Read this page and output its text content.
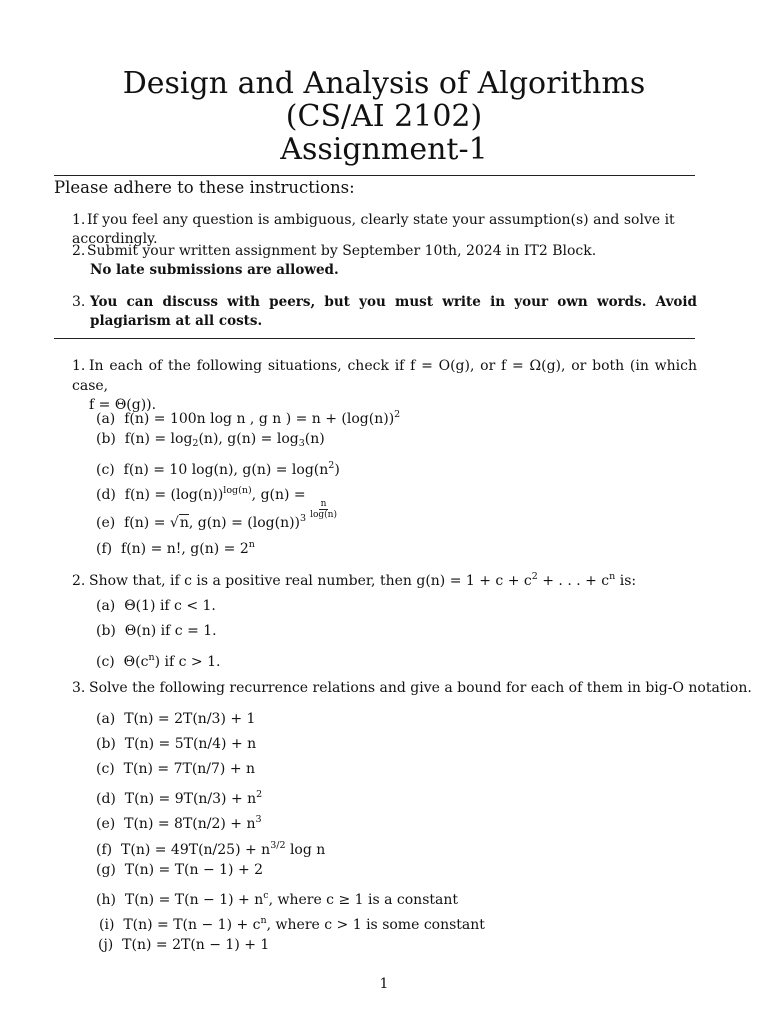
Design and Analysis of Algorithms
(CS/AI 2102)
Assignment-1
Please adhere to these instructions:
1. If you feel any question is ambiguous, clearly state your assumption(s) and solve it accordingly.
2. Submit your written assignment by September 10th, 2024 in IT2 Block.
No late submissions are allowed.
3. You can discuss with peers, but you must write in your own words. Avoid plagiarism at all costs.
1. In each of the following situations, check if f = O(g), or f = Ω(g), or both (in which case,
f = Θ(g)).
(a) f(n) = 100n log n , g n ) = $n + (\log(n))^2$
(b) $f(n) = \log_2(n)$, $g(n) = \log_3(n)$
(c) f(n) = 10 log(n), $g(n) = \log(n^2)$
(d) $f(n) = (\log(n))^{log(n)}$, g(n) =
$\frac{n}{\log(n)}$
(e) f(n) = √n, $g(n) = (\log(n))^3$
(f) f(n) = n!, $g(n) = 2^n$
2. Show that, if c is a positive real number, then $g(n) = 1 + c + c^2$ + . . . + $c^n$ is:
(a) Θ(1) if c < 1.
(b) Θ(n) if c = 1.
(c) $\Theta(c^n)$ if c > 1.
3. Solve the following recurrence relations and give a bound for each of them in big-O notation.
(a) T(n) = 2T(n/3) + 1
(b) T(n) = 5T(n/4) + n
(c) T(n) = 7T(n/7) + n
(d) $T(n) = 9T(n/3) + n^2$
(e) $T(n) = 8T(n/2) + n^3$
(f) $T(n) = 49T(n/25) + n^{3/2}$ log n
(g) T(n) = T(n − 1) + 2
(h) $T(n) = T(n - 1) + n^c$, where c ≥ 1 is a constant
(i) $T(n) = T(n - 1) + c^n$, where c > 1 is some constant
(j) T(n) = 2T(n − 1) + 1
1
